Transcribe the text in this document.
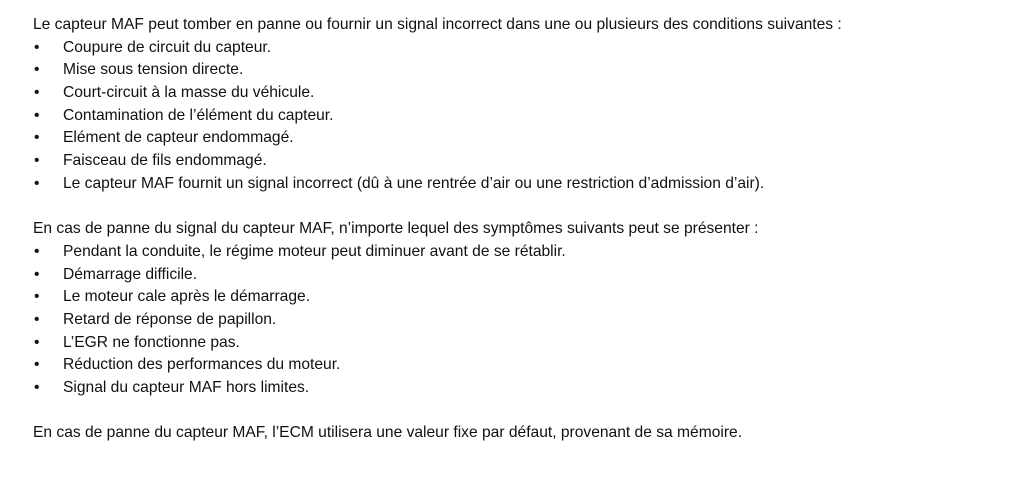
Le capteur MAF peut tomber en panne ou fournir un signal incorrect dans une ou plusieurs des conditions suivantes :
•	Coupure de circuit du capteur.
•	Mise sous tension directe.
•	Court-circuit à la masse du véhicule.
•	Contamination de l’élément du capteur.
•	Elément de capteur endommagé.
•	Faisceau de fils endommagé.
•	Le capteur MAF fournit un signal incorrect (dû à une rentrée d’air ou une restriction d’admission d’air).
En cas de panne du signal du capteur MAF, n’importe lequel des symptômes suivants peut se présenter :
•	Pendant la conduite, le régime moteur peut diminuer avant de se rétablir.
•	Démarrage difficile.
•	Le moteur cale après le démarrage.
•	Retard de réponse de papillon.
•	L’EGR ne fonctionne pas.
•	Réduction des performances du moteur.
•	Signal du capteur MAF hors limites.
En cas de panne du capteur MAF, l’ECM utilisera une valeur fixe par défaut, provenant de sa mémoire.
